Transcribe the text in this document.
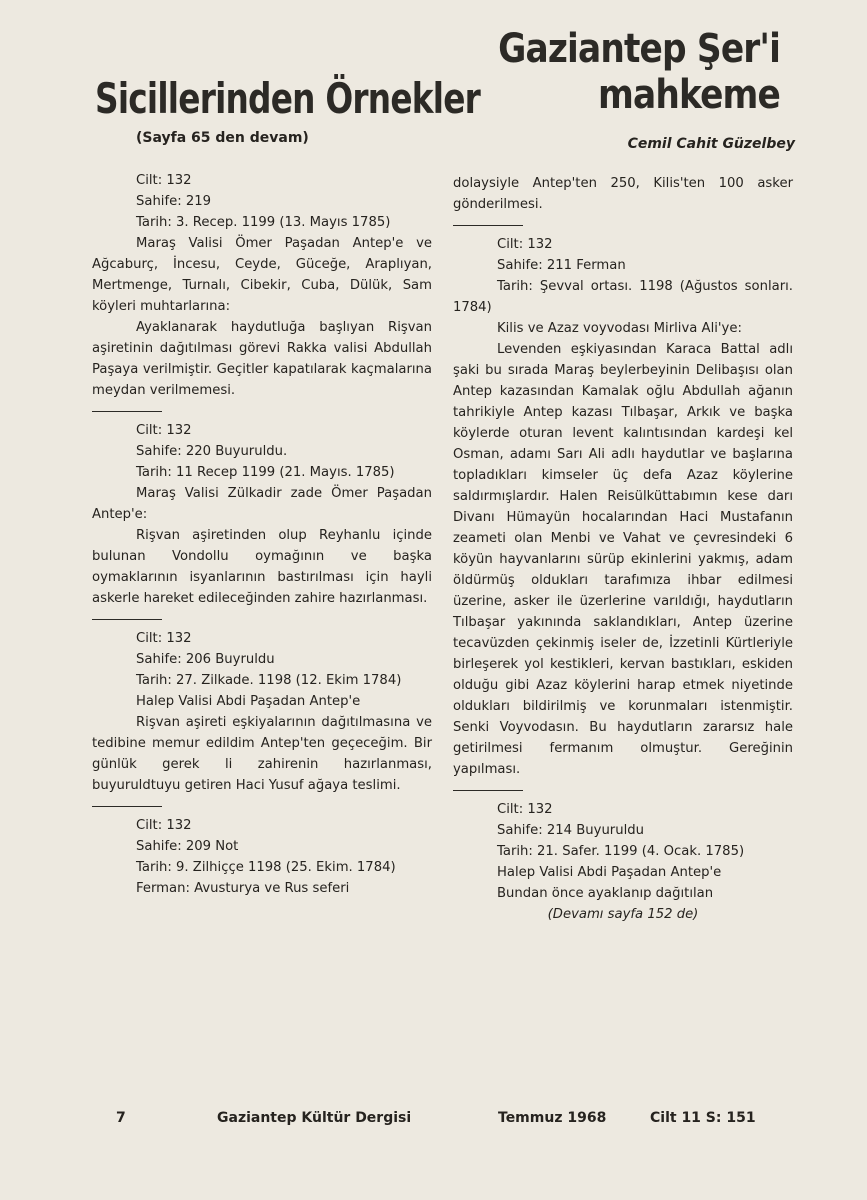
Gaziantep Şer'i mahkeme
Sicillerinden Örnekler
(Sayfa 65 den devam)	Cemil Cahit Güzelbey

Cilt: 132

Sahife: 219

Tarih: 3. Recep. 1199 (13. Mayıs 1785)

Maraş Valisi Ömer Paşadan Antep'e ve Ağcaburç, İncesu, Ceyde, Güceğe, Araplıyan, Mertmenge, Turnalı, Cibekir, Cuba, Dülük, Sam köyleri muhtarlarına:

Ayaklanarak haydutluğa başlıyan Rişvan aşiretinin dağıtılması görevi Rakka valisi Abdullah Paşaya verilmiştir. Geçitler kapatılarak kaçmalarına meydan verilmemesi.

Cilt: 132

Sahife: 220 Buyuruldu.

Tarih: 11 Recep 1199 (21. Mayıs. 1785)

Maraş Valisi Zülkadir zade Ömer Paşadan Antep'e:

Rişvan aşiretinden olup Reyhanlu içinde bulunan Vondollu oymağının ve başka oymaklarının isyanlarının bastırılması için hayli askerle hareket edileceğinden zahire hazırlanması.

Cilt: 132

Sahife: 206 Buyruldu

Tarih: 27. Zilkade. 1198 (12. Ekim 1784)

Halep Valisi Abdi Paşadan Antep'e

Rişvan aşireti eşkiyalarının dağıtılmasına ve tedibine memur edildim Antep'ten geçeceğim. Bir günlük gerek li zahirenin hazırlanması, buyuruldtuyu getiren Haci Yusuf ağaya teslimi.

Cilt: 132

Sahife: 209 Not

Tarih: 9. Zilhiççe 1198 (25. Ekim. 1784)

Ferman: Avusturya ve Rus seferi

dolaysiyle Antep'ten 250, Kilis'ten 100 asker gönderilmesi.

Cilt: 132

Sahife: 211 Ferman

Tarih: Şevval ortası. 1198 (Ağustos sonları. 1784)

Kilis ve Azaz voyvodası Mirliva Ali'ye:

Levenden eşkiyasından Karaca Battal adlı şaki bu sırada Maraş beylerbeyinin Delibaşısı olan Antep kazasından Kamalak oğlu Abdullah ağanın tahrikiyle Antep kazası Tılbaşar, Arkık ve başka köylerde oturan levent kalıntısından kardeşi kel Osman, adamı Sarı Ali adlı haydutlar ve başlarına topladıkları kimseler üç defa Azaz köylerine saldırmışlardır. Halen Reisülküttabımın kese darı Divanı Hümayün hocalarından Haci Mustafanın zeameti olan Menbi ve Vahat ve çevresindeki 6 köyün hayvanlarını sürüp ekinlerini yakmış, adam öldürmüş oldukları tarafımıza ihbar edilmesi üzerine, asker ile üzerlerine varıldığı, haydutların Tılbaşar yakınında saklandıkları, Antep üzerine tecavüzden çekinmiş iseler de, İzzetinli Kürtleriyle birleşerek yol kestikleri, kervan bastıkları, eskiden olduğu gibi Azaz köylerini harap etmek niyetinde oldukları bildirilmiş ve korunmaları istenmiştir. Senki Voyvodasın. Bu haydutların zararsız hale getirilmesi fermanım olmuştur. Gereğinin yapılması.

Cilt: 132

Sahife: 214 Buyuruldu

Tarih: 21. Safer. 1199 (4. Ocak. 1785)

Halep Valisi Abdi Paşadan Antep'e

Bundan önce ayaklanıp dağıtılan

(Devamı sayfa 152 de)

7	Gaziantep Kültür Dergisi	Temmuz 1968	Cilt 11 S: 151
